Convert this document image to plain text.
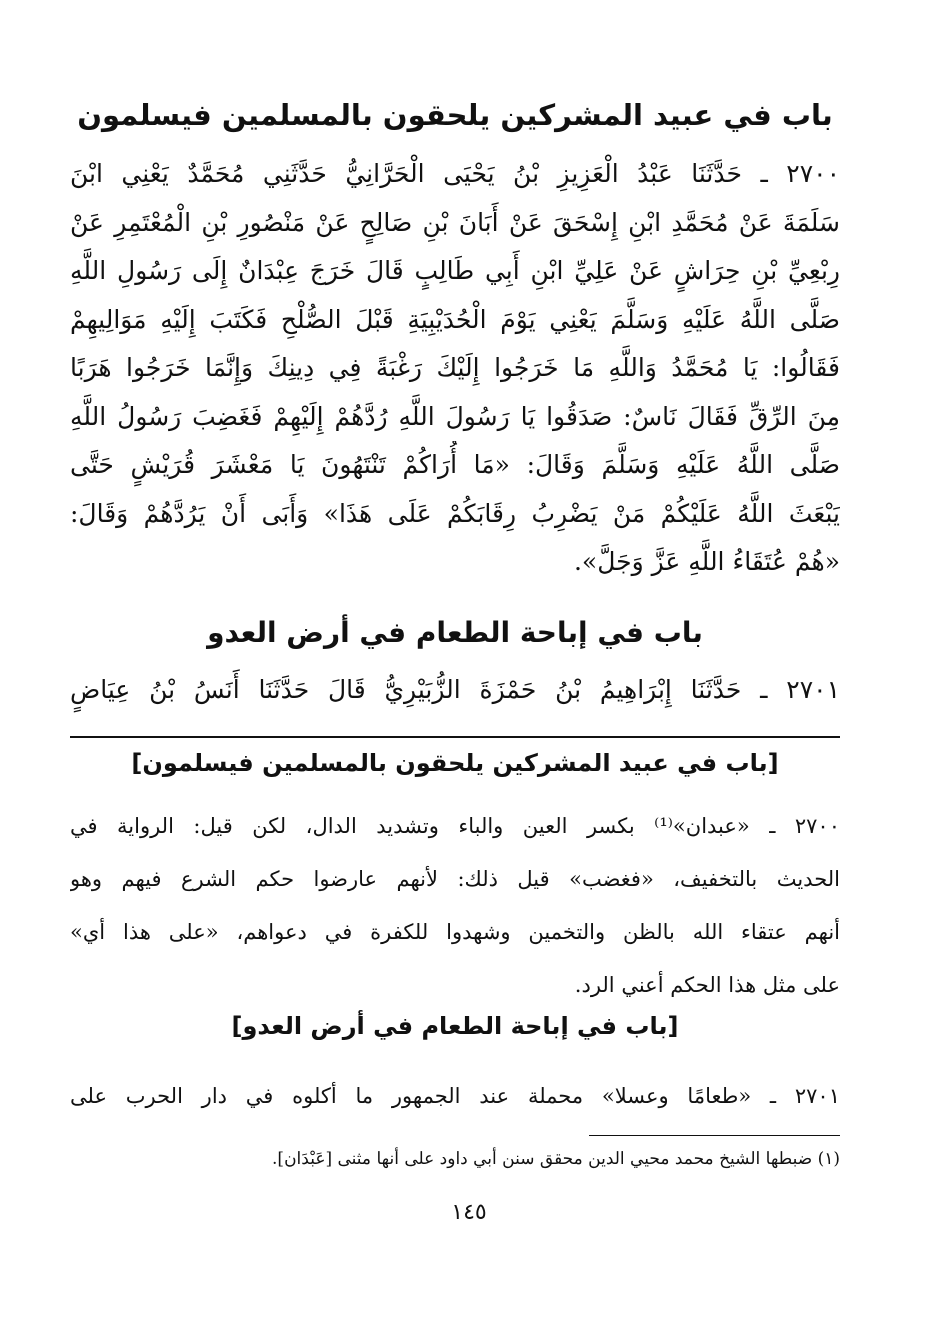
باب في عبيد المشركين يلحقون بالمسلمين فيسلمون
٢٧٠٠ ـ حَدَّثَنَا عَبْدُ الْعَزِيزِ بْنُ يَحْيَى الْحَرَّانِيُّ حَدَّثَنِي مُحَمَّدٌ يَعْنِي ابْنَ
سَلَمَةَ عَنْ مُحَمَّدِ ابْنِ إِسْحَقَ عَنْ أَبَانَ بْنِ صَالِحٍ عَنْ مَنْصُورِ بْنِ الْمُعْتَمِرِ عَنْ
رِبْعِيِّ بْنِ حِرَاشٍ عَنْ عَلِيِّ ابْنِ أَبِي طَالِبٍ قَالَ خَرَجَ عِبْدَانٌ إِلَى رَسُولِ اللَّهِ
صَلَّى اللَّهُ عَلَيْهِ وَسَلَّمَ يَعْنِي يَوْمَ الْحُدَيْبِيَةِ قَبْلَ الصُّلْحِ فَكَتَبَ إِلَيْهِ مَوَالِيهِمْ
فَقَالُوا: يَا مُحَمَّدُ وَاللَّهِ مَا خَرَجُوا إِلَيْكَ رَغْبَةً فِي دِينِكَ وَإِنَّمَا خَرَجُوا هَرَبًا
مِنَ الرِّقِّ فَقَالَ نَاسٌ: صَدَقُوا يَا رَسُولَ اللَّهِ رُدَّهُمْ إِلَيْهِمْ فَغَضِبَ رَسُولُ اللَّهِ
صَلَّى اللَّهُ عَلَيْهِ وَسَلَّمَ وَقَالَ: «مَا أُرَاكُمْ تَنْتَهُونَ يَا مَعْشَرَ قُرَيْشٍ حَتَّى
يَبْعَثَ اللَّهُ عَلَيْكُمْ مَنْ يَضْرِبُ رِقَابَكُمْ عَلَى هَذَا» وَأَبَى أَنْ يَرُدَّهُمْ وَقَالَ:
«هُمْ عُتَقَاءُ اللَّهِ عَزَّ وَجَلَّ».
باب في إباحة الطعام في أرض العدو
٢٧٠١ ـ حَدَّثَنَا إِبْرَاهِيمُ بْنُ حَمْزَةَ الزُّبَيْرِيُّ قَالَ حَدَّثَنَا أَنَسُ بْنُ عِيَاضٍ
[باب في عبيد المشركين يلحقون بالمسلمين فيسلمون]
٢٧٠٠ ـ «عبدان»⁽¹⁾ بكسر العين والباء وتشديد الدال، لكن قيل: الرواية في
الحديث بالتخفيف، «فغضب» قيل ذلك: لأنهم عارضوا حكم الشرع فيهم وهو
أنهم عتقاء الله بالظن والتخمين وشهدوا للكفرة في دعواهم، «على هذا أي»
على مثل هذا الحكم أعني الرد.
[باب في إباحة الطعام في أرض العدو]
٢٧٠١ ـ «طعامًا وعسلا» محملة عند الجمهور ما أكلوه في دار الحرب على
(١) ضبطها الشيخ محمد محيي الدين محقق سنن أبي داود على أنها مثنى [عَبْدَان].
١٤٥
